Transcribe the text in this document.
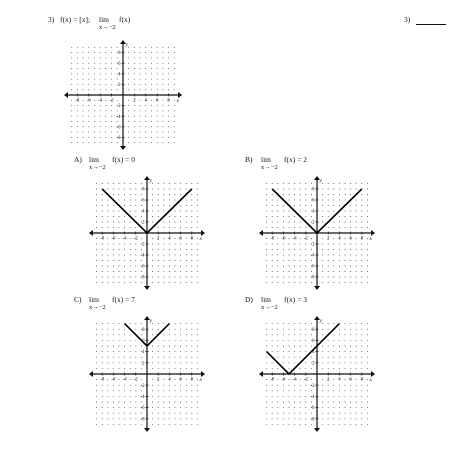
3) f(x) = [x]; lim
x→−2
f(x)	3)
-8
-8
-6
-6
-4
-4
-2
-2
2
2
4
4
6
6
8
8
x
y
A) lim
x→−2
f(x) = 0
-8
-8
-6
-6
-4
-4
-2
-2
2
2
4
4
6
6
8
8
x
y
B) lim
x→−2
f(x) = 2
-8
-8
-6
-6
-4
-4
-2
-2
2
2
4
4
6
6
8
8
x
y
C) lim
x→−2
f(x) = 7
-8
-8
-6
-6
-4
-4
-2
-2
2
2
4
4
6
6
8
8
x
y
D) lim
x→−2
f(x) = 3
-8
-8
-6
-6
-4
-4
-2
-2
2
2
4
4
6
6
8
8
x
y
